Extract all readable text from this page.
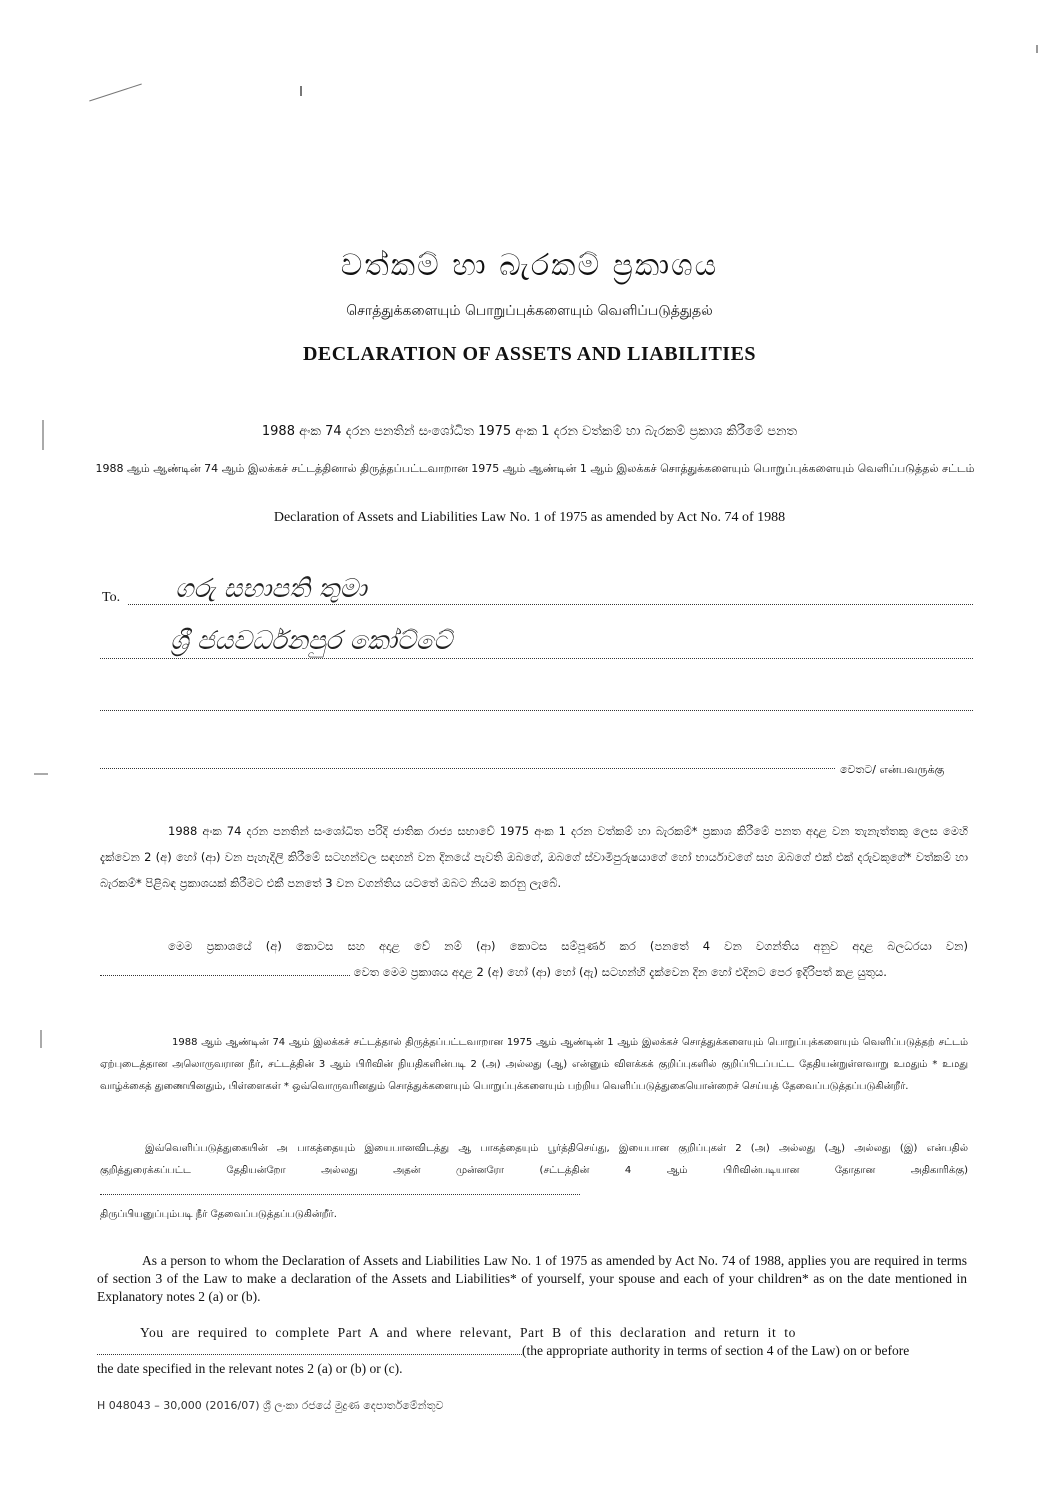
වත්කම් හා බැරකම් ප්‍රකාශය
சொத்துக்களையும் பொறுப்புக்களையும் வெளிப்படுத்துதல்
DECLARATION OF ASSETS AND LIABILITIES
1988 අංක 74 දරන පනතින් සංශෝධිත 1975 අංක 1 දරන වත්කම් හා බැරකම් ප්‍රකාශ කිරීමේ පනත
1988 ஆம் ஆண்டின் 74 ஆம் இலக்கச் சட்டத்தினால் திருத்தப்பட்டவாறான 1975 ஆம் ஆண்டின் 1 ஆம் இலக்கச் சொத்துக்களையும் பொறுப்புக்களையும் வெளிப்படுத்தல் சட்டம்
Declaration of Assets and Liabilities Law No. 1 of 1975 as amended by Act No. 74 of 1988
To. ගරු සභාපති තුමා
ශ්‍රී ජයවර්ධනපුර කෝට්ටේ
වෙතට/ என்பவருக்கு
1988 අංක 74 දරන පනතින් සංශෝධිත පරිදි ජාතික රාජ්‍ය සභාවේ 1975 අංක 1 දරන වත්කම් හා බැරකම්* ප්‍රකාශ කිරීමේ පනත අදාළ වන තැනැත්තකු ලෙස මෙහි දැක්වෙන 2 (අ) හෝ (ආ) වන පැහැදිලි කිරීමේ සටහන්වල සඳහන් වන දිනයේ පැවති ඔබගේ, ඔබගේ ස්වාමිපුරුෂයාගේ හෝ භාර්යාවගේ සහ ඔබගේ එක් එක් දරුවකුගේ* වත්කම් හා බැරකම්* පිළිබඳ ප්‍රකාශයක් කිරීමට එකී පනතේ 3 වන වගන්තිය යටතේ ඔබට නියම කරනු ලැබේ.
මෙම ප්‍රකාශයේ (අ) කොටස සහ අදාළ වේ නම් (ආ) කොටස සම්පූර්ණ කර (පනතේ 4 වන වගන්තිය අනුව අදාළ බලධරයා වන)  වෙත මෙම ප්‍රකාශය අදාළ 2 (අ) හෝ (ආ) හෝ (ඇ) සටහන්හි දැක්වෙන දින හෝ එදිනට පෙර ඉදිරිපත් කළ යුතුය.
1988 ஆம் ஆண்டின் 74 ஆம் இலக்கச் சட்டத்தால் திருத்தப்பட்டவாறான 1975 ஆம் ஆண்டின் 1 ஆம் இலக்கச் சொத்துக்களையும் பொறுப்புக்களையும் வெளிப்படுத்தற் சட்டம் ஏற்புடைத்தான அலொருவரான நீர், சட்டத்தின் 3 ஆம் பிரிவின் நியதிகளின்படி 2 (அ) அல்லது (ஆ) என்னும் விளக்கக் குறிப்புகளில் குறிப்பிடப்பட்ட தேதியன்றுள்ளவாறு உமதும் * உமது வாழ்க்கைத் துணையினதும், பிள்ளைகள் * ஒவ்வொருவரினதும் சொத்துக்களையும் பொறுப்புக்களையும் பற்றிய வெளிப்படுத்துகையொன்றைச் செய்யத் தேவைப்படுத்தப்படுகின்றீர்.
இவ்வெளிப்படுத்துகையின் அ பாகத்தையும் இயைபானவிடத்து ஆ பாகத்தையும் பூர்த்திசெய்து, இயைபான குறிப்புகள் 2 (அ) அல்லது (ஆ) அல்லது (இ) என்பதில் குறித்துரைக்கப்பட்ட தேதியன்றோ அல்லது அதன் முன்னரோ (சட்டத்தின் 4 ஆம் பிரிவின்படியான தோதான அதிகாரிக்கு)
திருப்பியனுப்பும்படி நீர் தேவைப்படுத்தப்படுகின்றீர்.
As a person to whom the Declaration of Assets and Liabilities Law No. 1 of 1975 as amended by Act No. 74 of 1988, applies you are required in terms of section 3 of the Law to make a declaration of the Assets and Liabilities* of yourself, your spouse and each of your children* as on the date mentioned in Explanatory notes 2 (a) or (b).
You are required to complete Part A and where relevant, Part B of this declaration and return it to
(the appropriate authority in terms of section 4 of the Law) on or before
the date specified in the relevant notes 2 (a) or (b) or (c).
H 048043 – 30,000 (2016/07) ශ්‍රී ලංකා රජයේ මුද්‍රණ දෙපාර්තමේන්තුව
